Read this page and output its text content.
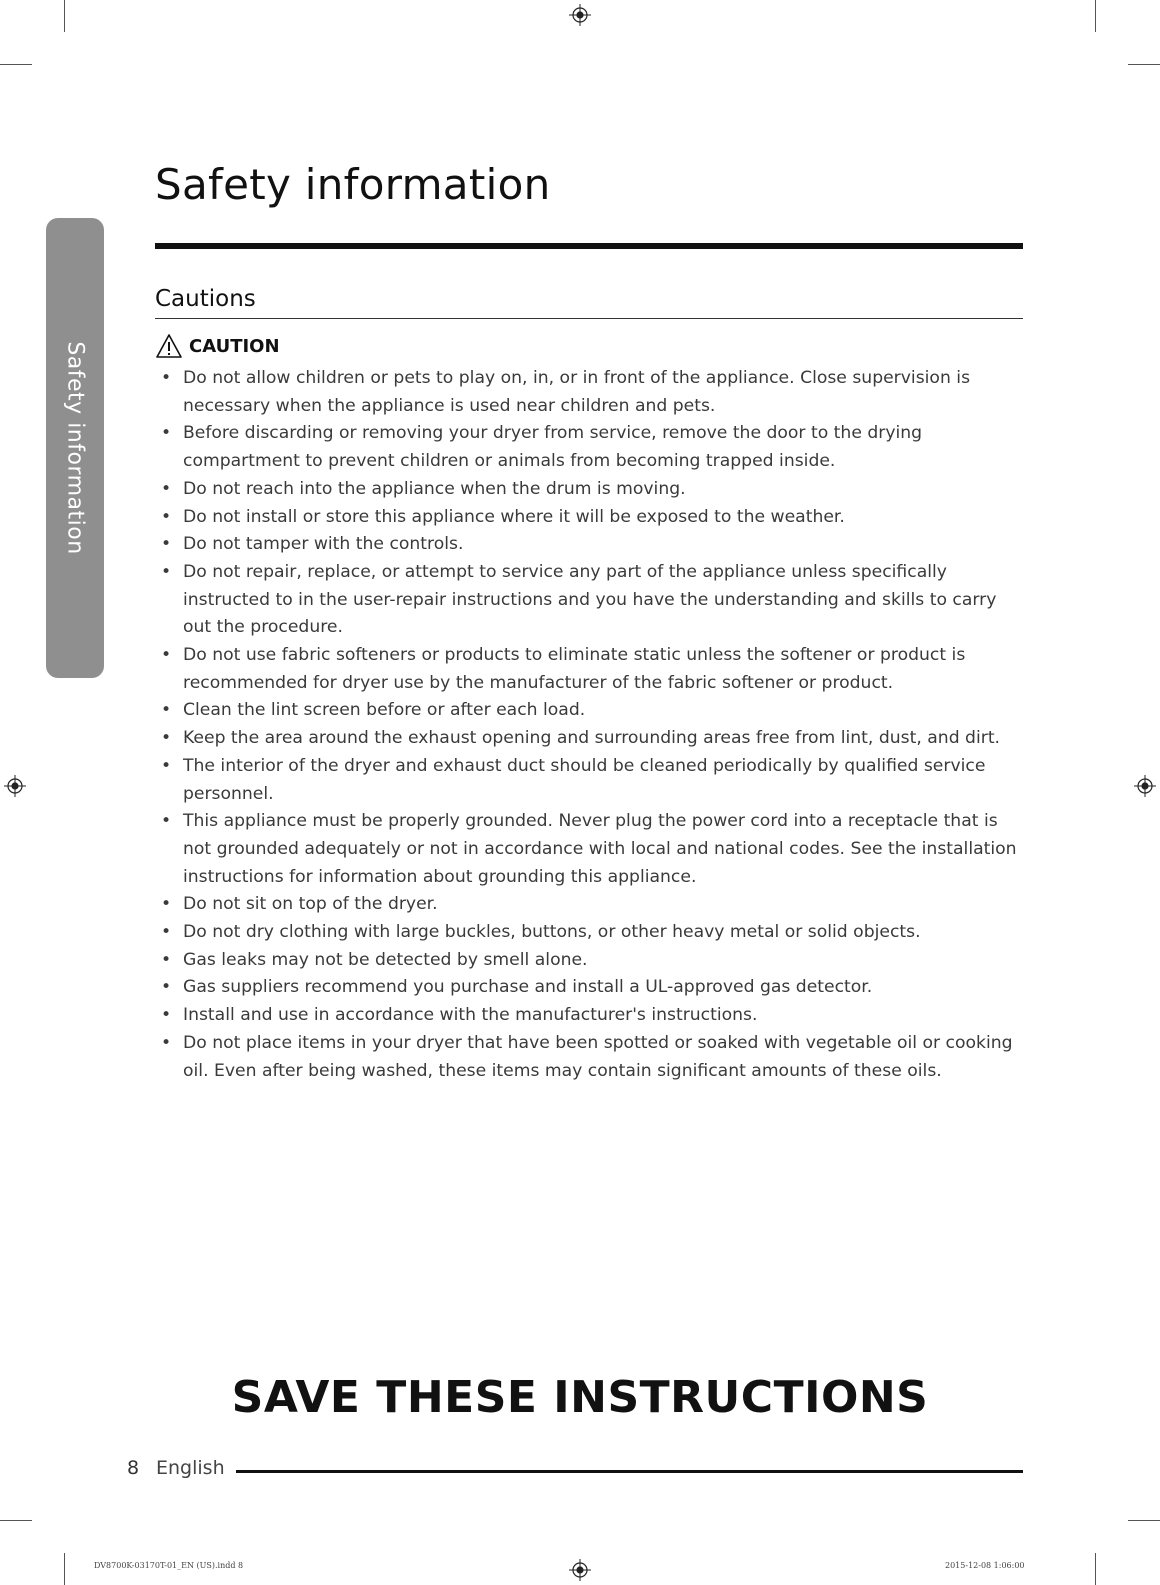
Safety information
Safety information
Cautions
CAUTION
• Do not allow children or pets to play on, in, or in front of the appliance. Close supervision is necessary when the appliance is used near children and pets.
• Before discarding or removing your dryer from service, remove the door to the drying compartment to prevent children or animals from becoming trapped inside.
• Do not reach into the appliance when the drum is moving.
• Do not install or store this appliance where it will be exposed to the weather.
• Do not tamper with the controls.
• Do not repair, replace, or attempt to service any part of the appliance unless specifically instructed to in the user-repair instructions and you have the understanding and skills to carry out the procedure.
• Do not use fabric softeners or products to eliminate static unless the softener or product is recommended for dryer use by the manufacturer of the fabric softener or product.
• Clean the lint screen before or after each load.
• Keep the area around the exhaust opening and surrounding areas free from lint, dust, and dirt.
• The interior of the dryer and exhaust duct should be cleaned periodically by qualified service personnel.
• This appliance must be properly grounded. Never plug the power cord into a receptacle that is not grounded adequately or not in accordance with local and national codes. See the installation instructions for information about grounding this appliance.
• Do not sit on top of the dryer.
• Do not dry clothing with large buckles, buttons, or other heavy metal or solid objects.
• Gas leaks may not be detected by smell alone.
• Gas suppliers recommend you purchase and install a UL-approved gas detector.
• Install and use in accordance with the manufacturer's instructions.
• Do not place items in your dryer that have been spotted or soaked with vegetable oil or cooking oil. Even after being washed, these items may contain significant amounts of these oils.
SAVE THESE INSTRUCTIONS
8 English
DV8700K-03170T-01_EN (US).indd 8	2015-12-08 1:06:00
